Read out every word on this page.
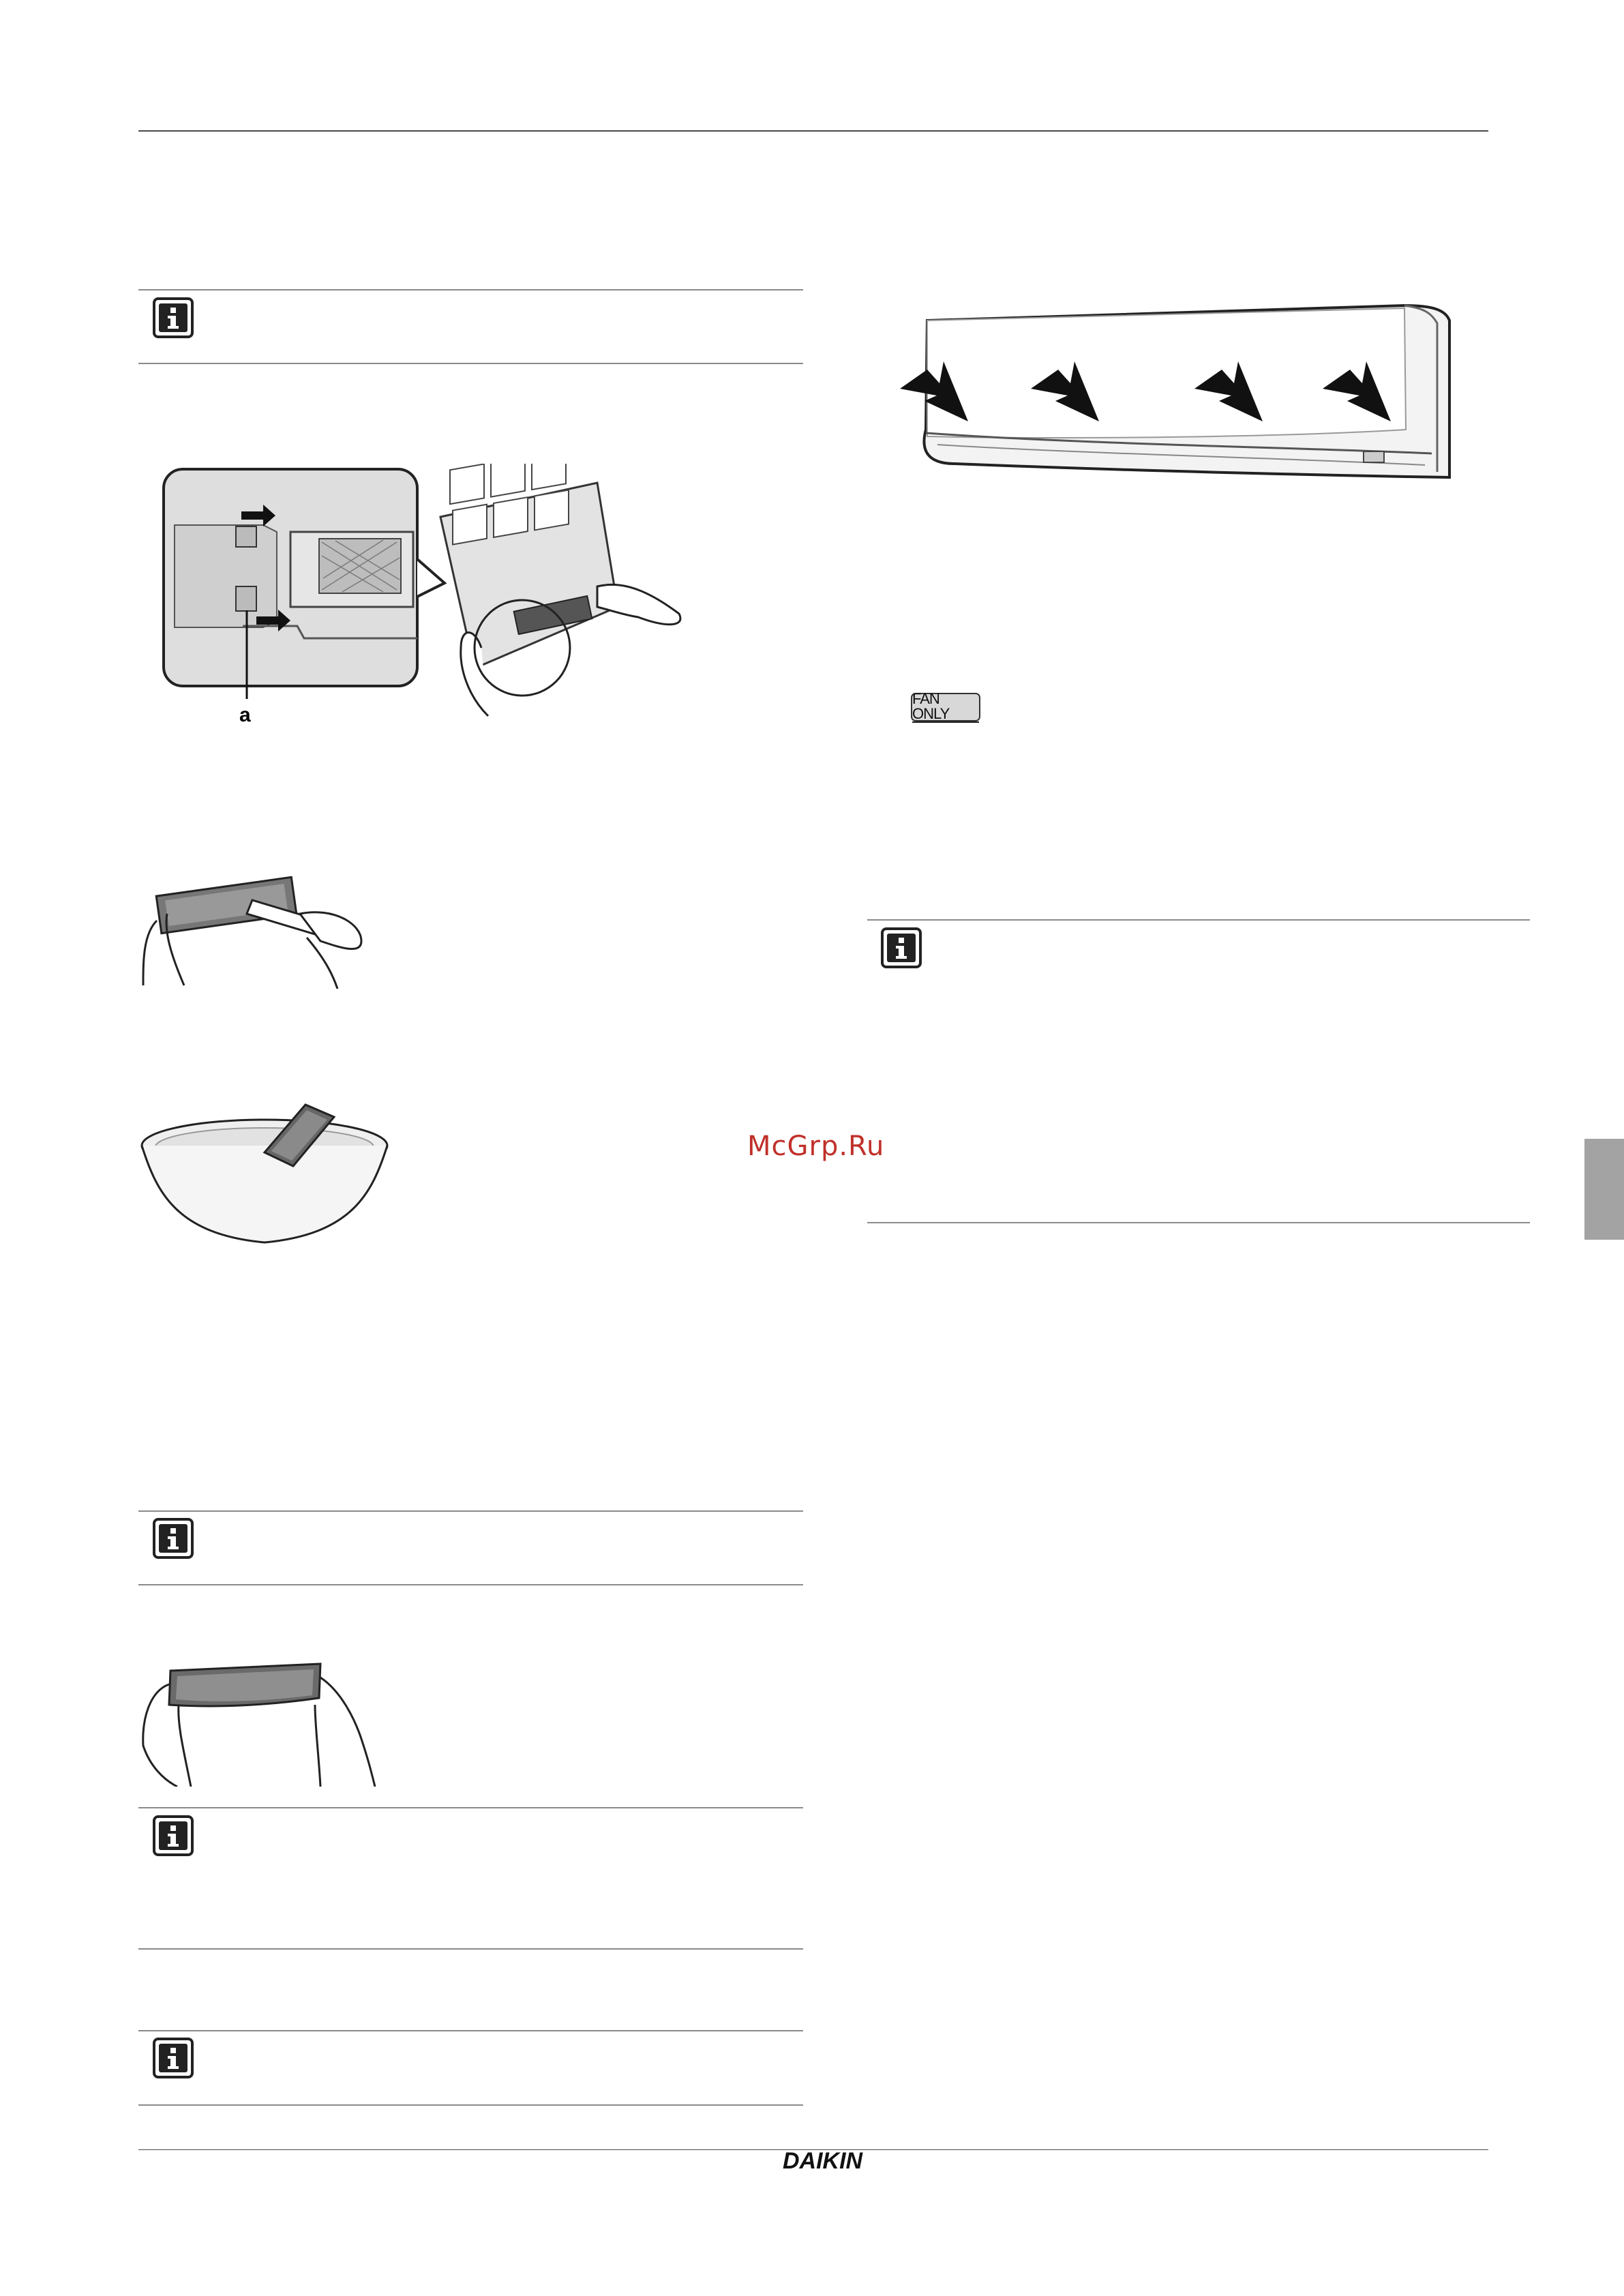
a
FAN ONLY
McGrp.Ru
DAIKIN
